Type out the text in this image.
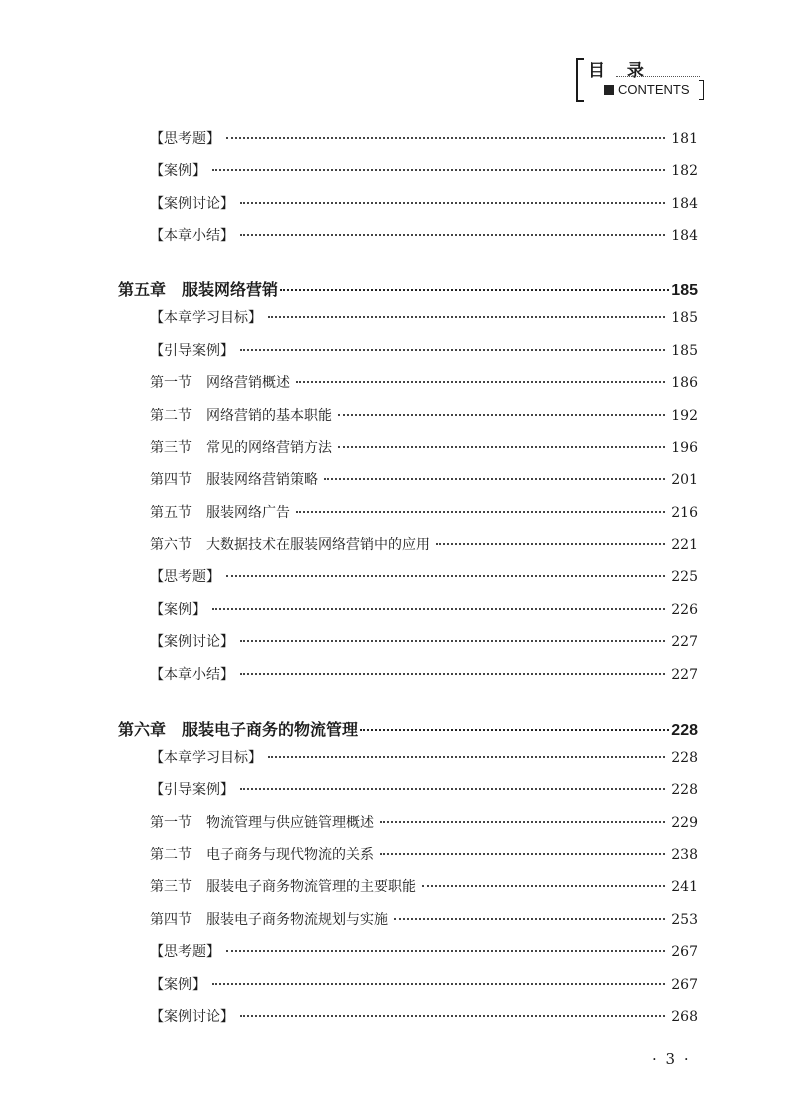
目 录
CONTENTS
【思考题】	181
【案例】	182
【案例讨论】	184
【本章小结】	184
第五章　服装网络营销	185
【本章学习目标】	185
【引导案例】	185
第一节　网络营销概述	186
第二节　网络营销的基本职能	192
第三节　常见的网络营销方法	196
第四节　服装网络营销策略	201
第五节　服装网络广告	216
第六节　大数据技术在服装网络营销中的应用	221
【思考题】	225
【案例】	226
【案例讨论】	227
【本章小结】	227
第六章　服装电子商务的物流管理	228
【本章学习目标】	228
【引导案例】	228
第一节　物流管理与供应链管理概述	229
第二节　电子商务与现代物流的关系	238
第三节　服装电子商务物流管理的主要职能	241
第四节　服装电子商务物流规划与实施	253
【思考题】	267
【案例】	267
【案例讨论】	268
· 3 ·
